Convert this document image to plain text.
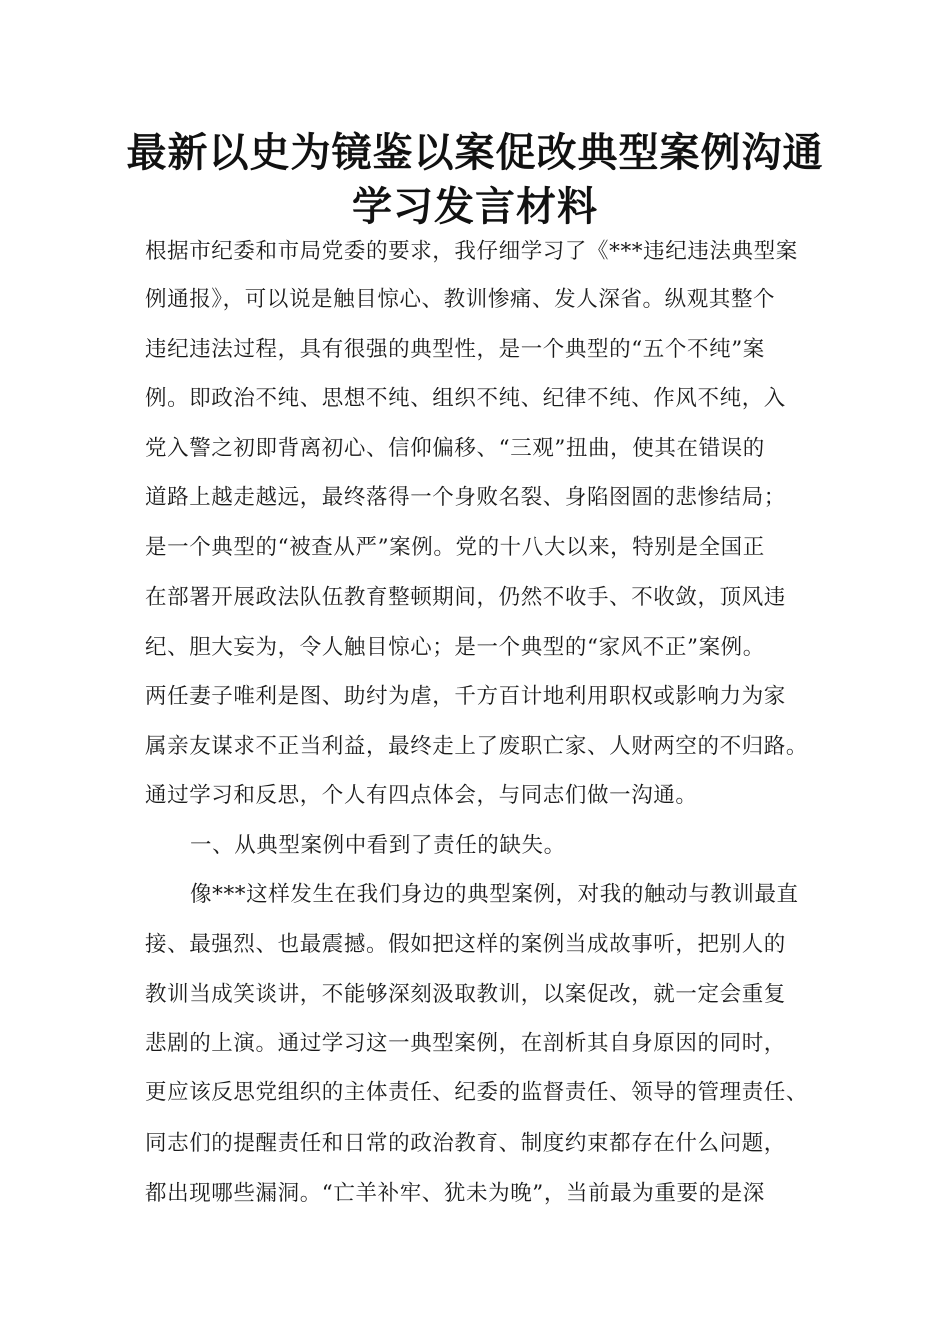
最新以史为镜鉴以案促改典型案例沟通
学习发言材料
根据市纪委和市局党委的要求，我仔细学习了《***违纪违法典型案
例通报》，可以说是触目惊心、教训惨痛、发人深省。纵观其整个
违纪违法过程，具有很强的典型性，是一个典型的“五个不纯”案
例。即政治不纯、思想不纯、组织不纯、纪律不纯、作风不纯，入
党入警之初即背离初心、信仰偏移、“三观”扭曲，使其在错误的
道路上越走越远，最终落得一个身败名裂、身陷囹圄的悲惨结局；
是一个典型的“被查从严”案例。党的十八大以来，特别是全国正
在部署开展政法队伍教育整顿期间，仍然不收手、不收敛，顶风违
纪、胆大妄为，令人触目惊心；是一个典型的“家风不正”案例。
两任妻子唯利是图、助纣为虐，千方百计地利用职权或影响力为家
属亲友谋求不正当利益，最终走上了废职亡家、人财两空的不归路。
通过学习和反思，个人有四点体会，与同志们做一沟通。
一、从典型案例中看到了责任的缺失。
像***这样发生在我们身边的典型案例，对我的触动与教训最直
接、最强烈、也最震撼。假如把这样的案例当成故事听，把别人的
教训当成笑谈讲，不能够深刻汲取教训，以案促改，就一定会重复
悲剧的上演。通过学习这一典型案例，在剖析其自身原因的同时，
更应该反思党组织的主体责任、纪委的监督责任、领导的管理责任、
同志们的提醒责任和日常的政治教育、制度约束都存在什么问题，
都出现哪些漏洞。“亡羊补牢、犹未为晚”，当前最为重要的是深
